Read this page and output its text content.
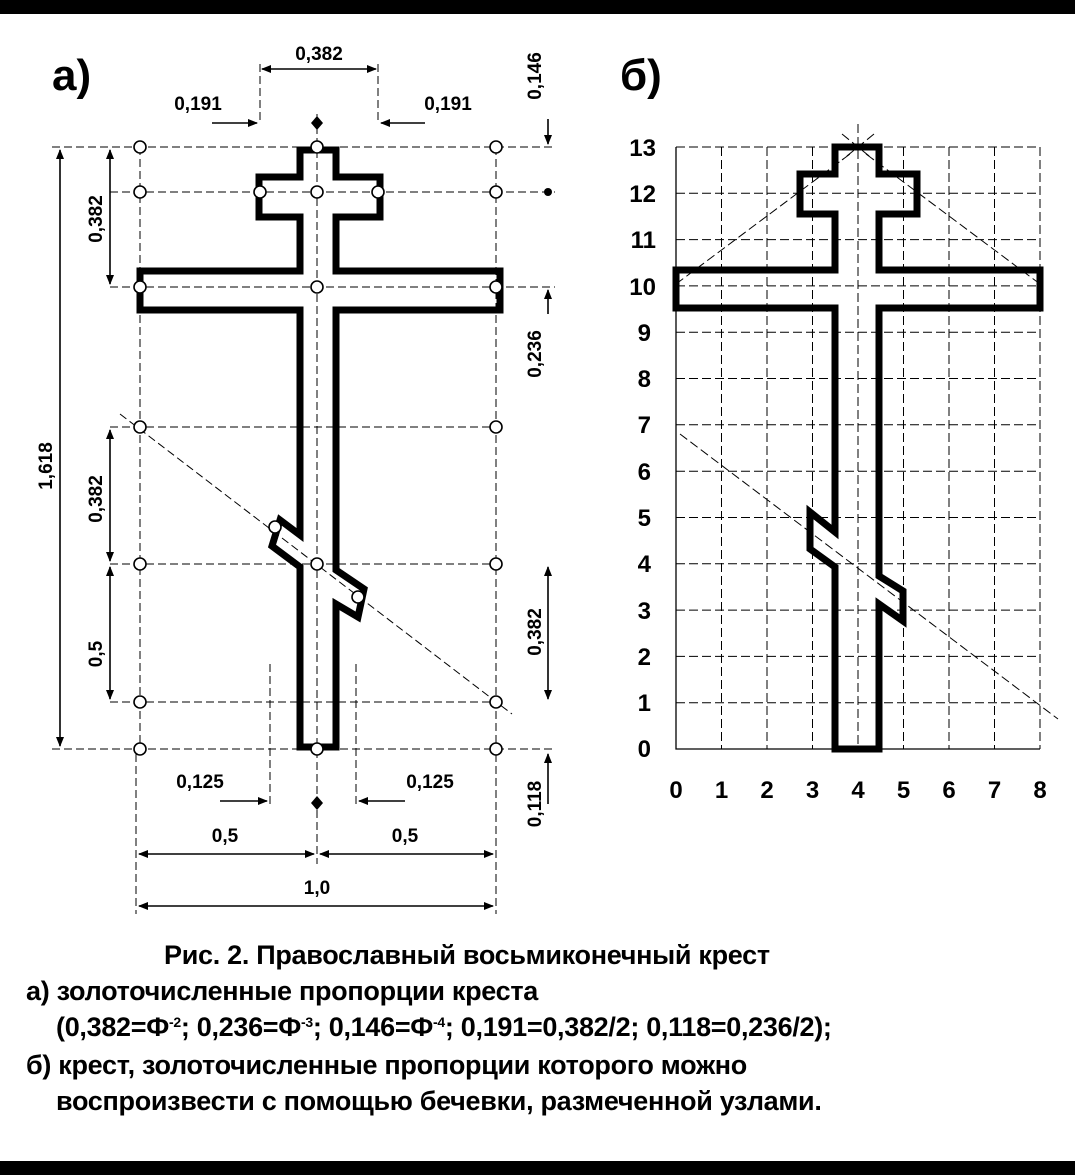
а)	0,382
0,191	0,191
0,146
0,382
1,618
0,382
0,5
0,236
0,382
0,118
0,125	0,125
0,5	0,5
1,0
б)
0
1
2
3
4
5
6
7
8
9
10
11
12
13
0 1 2 3 4 5 6 7 8
Рис. 2. Православный восьмиконечный крест
а) золоточисленные пропорции креста
($0,382=Ф^{-2}$; $0,236=Ф^{-3}$; $0,146=Ф^{-4}$; 0,191=0,382/2; 0,118=0,236/2);
б) крест, золоточисленные пропорции которого можно
воспроизвести с помощью бечевки, размеченной узлами.
